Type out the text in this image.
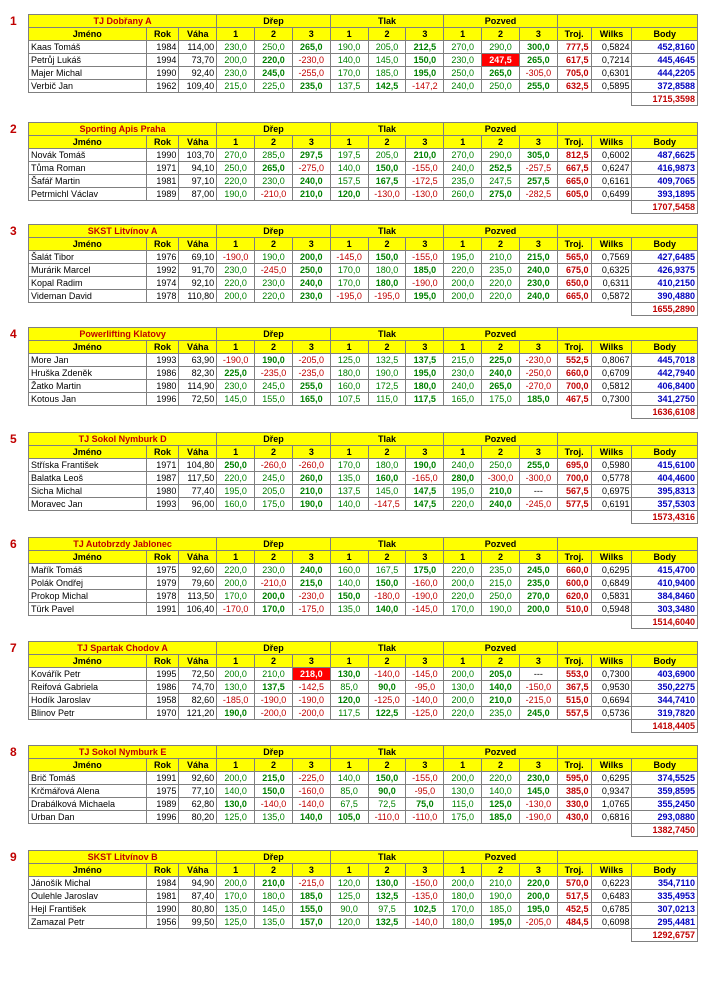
1	TJ Dobřany A			Dřep			Tlak			Pozved					
Jméno	Rok	Váha	1	2	3	1	2	3	1	2	3	Troj.	Wilks	Body
Kaas Tomáš	1984	114,00	230,0	250,0	265,0	190,0	205,0	212,5	270,0	290,0	300,0	777,5	0,5824	452,8160
Petrůj Lukáš	1994	73,70	200,0	220,0	-230,0	140,0	145,0	150,0	230,0	247,5	265,0	617,5	0,7214	445,4645
Majer Michal	1990	92,40	230,0	245,0	-255,0	170,0	185,0	195,0	250,0	265,0	-305,0	705,0	0,6301	444,2205
Verbič Jan	1962	109,40	215,0	225,0	235,0	137,5	142,5	-147,2	240,0	250,0	255,0	632,5	0,5895	372,8588
														1715,3598
2	Sporting Apis Praha			Dřep			Tlak			Pozved					
Jméno	Rok	Váha	1	2	3	1	2	3	1	2	3	Troj.	Wilks	Body
Novák Tomáš	1990	103,70	270,0	285,0	297,5	197,5	205,0	210,0	270,0	290,0	305,0	812,5	0,6002	487,6625
Tůma Roman	1971	94,10	250,0	265,0	-275,0	140,0	150,0	-155,0	240,0	252,5	-257,5	667,5	0,6247	416,9873
Šafář Martin	1981	97,10	220,0	230,0	240,0	157,5	167,5	-172,5	235,0	247,5	257,5	665,0	0,6161	409,7065
Petrmichl Václav	1989	87,00	190,0	-210,0	210,0	120,0	-130,0	-130,0	260,0	275,0	-282,5	605,0	0,6499	393,1895
														1707,5458
3	SKST Litvínov A			Dřep			Tlak			Pozved					
Jméno	Rok	Váha	1	2	3	1	2	3	1	2	3	Troj.	Wilks	Body
Šalát Tibor	1976	69,10	-190,0	190,0	200,0	-145,0	150,0	-155,0	195,0	210,0	215,0	565,0	0,7569	427,6485
Murárik Marcel	1992	91,70	230,0	-245,0	250,0	170,0	180,0	185,0	220,0	235,0	240,0	675,0	0,6325	426,9375
Kopal Radim	1974	92,10	220,0	230,0	240,0	170,0	180,0	-190,0	200,0	220,0	230,0	650,0	0,6311	410,2150
Videman David	1978	110,80	200,0	220,0	230,0	-195,0	-195,0	195,0	200,0	220,0	240,0	665,0	0,5872	390,4880
														1655,2890
4	Powerlifting Klatovy			Dřep			Tlak			Pozved					
Jméno	Rok	Váha	1	2	3	1	2	3	1	2	3	Troj.	Wilks	Body
More Jan	1993	63,90	-190,0	190,0	-205,0	125,0	132,5	137,5	215,0	225,0	-230,0	552,5	0,8067	445,7018
Hruška Zdeněk	1986	82,30	225,0	-235,0	-235,0	180,0	190,0	195,0	230,0	240,0	-250,0	660,0	0,6709	442,7940
Žatko Martin	1980	114,90	230,0	245,0	255,0	160,0	172,5	180,0	240,0	265,0	-270,0	700,0	0,5812	406,8400
Kotous Jan	1996	72,50	145,0	155,0	165,0	107,5	115,0	117,5	165,0	175,0	185,0	467,5	0,7300	341,2750
														1636,6108
5	TJ Sokol Nymburk D			Dřep			Tlak			Pozved					
Jméno	Rok	Váha	1	2	3	1	2	3	1	2	3	Troj.	Wilks	Body
Stříska František	1971	104,80	250,0	-260,0	-260,0	170,0	180,0	190,0	240,0	250,0	255,0	695,0	0,5980	415,6100
Balatka Leoš	1987	117,50	220,0	245,0	260,0	135,0	160,0	-165,0	280,0	-300,0	-300,0	700,0	0,5778	404,4600
Sicha Michal	1980	77,40	195,0	205,0	210,0	137,5	145,0	147,5	195,0	210,0	---	567,5	0,6975	395,8313
Moravec Jan	1993	96,00	160,0	175,0	190,0	140,0	-147,5	147,5	220,0	240,0	-245,0	577,5	0,6191	357,5303
														1573,4316
6	TJ Autobrzdy Jablonec			Dřep			Tlak			Pozved					
Jméno	Rok	Váha	1	2	3	1	2	3	1	2	3	Troj.	Wilks	Body
Mařík Tomáš	1975	92,60	220,0	230,0	240,0	160,0	167,5	175,0	220,0	235,0	245,0	660,0	0,6295	415,4700
Polák Ondřej	1979	79,60	200,0	-210,0	215,0	140,0	150,0	-160,0	200,0	215,0	235,0	600,0	0,6849	410,9400
Prokop Michal	1978	113,50	170,0	200,0	-230,0	150,0	-180,0	-190,0	220,0	250,0	270,0	620,0	0,5831	384,8460
Türk Pavel	1991	106,40	-170,0	170,0	-175,0	135,0	140,0	-145,0	170,0	190,0	200,0	510,0	0,5948	303,3480
														1514,6040
7	TJ Spartak Chodov A			Dřep			Tlak			Pozved					
Jméno	Rok	Váha	1	2	3	1	2	3	1	2	3	Troj.	Wilks	Body
Kovářík Petr	1995	72,50	200,0	210,0	218,0	130,0	-140,0	-145,0	200,0	205,0	---	553,0	0,7300	403,6900
Reifová Gabriela	1986	74,70	130,0	137,5	-142,5	85,0	90,0	-95,0	130,0	140,0	-150,0	367,5	0,9530	350,2275
Hodík Jaroslav	1958	82,60	-185,0	-190,0	-190,0	120,0	-125,0	-140,0	200,0	210,0	-215,0	515,0	0,6694	344,7410
Blinov Petr	1970	121,20	190,0	-200,0	-200,0	117,5	122,5	-125,0	220,0	235,0	245,0	557,5	0,5736	319,7820
														1418,4405
8	TJ Sokol Nymburk E			Dřep			Tlak			Pozved					
Jméno	Rok	Váha	1	2	3	1	2	3	1	2	3	Troj.	Wilks	Body
Brič Tomáš	1991	92,60	200,0	215,0	-225,0	140,0	150,0	-155,0	200,0	220,0	230,0	595,0	0,6295	374,5525
Krčmářová Alena	1975	77,10	140,0	150,0	-160,0	85,0	90,0	-95,0	130,0	140,0	145,0	385,0	0,9347	359,8595
Drabálková Michaela	1989	62,80	130,0	-140,0	-140,0	67,5	72,5	75,0	115,0	125,0	-130,0	330,0	1,0765	355,2450
Urban Dan	1996	80,20	125,0	135,0	140,0	105,0	-110,0	-110,0	175,0	185,0	-190,0	430,0	0,6816	293,0880
														1382,7450
9	SKST Litvínov B			Dřep			Tlak			Pozved					
Jméno	Rok	Váha	1	2	3	1	2	3	1	2	3	Troj.	Wilks	Body
Jánošík Michal	1984	94,90	200,0	210,0	-215,0	120,0	130,0	-150,0	200,0	210,0	220,0	570,0	0,6223	354,7110
Oulehle Jaroslav	1981	87,40	170,0	180,0	185,0	125,0	132,5	-135,0	180,0	190,0	200,0	517,5	0,6483	335,4953
Hejl František	1990	80,80	135,0	145,0	155,0	90,0	97,5	102,5	170,0	185,0	195,0	452,5	0,6785	307,0213
Zamazal Petr	1956	99,50	125,0	135,0	157,0	120,0	132,5	-140,0	180,0	195,0	-205,0	484,5	0,6098	295,4481
														1292,6757
